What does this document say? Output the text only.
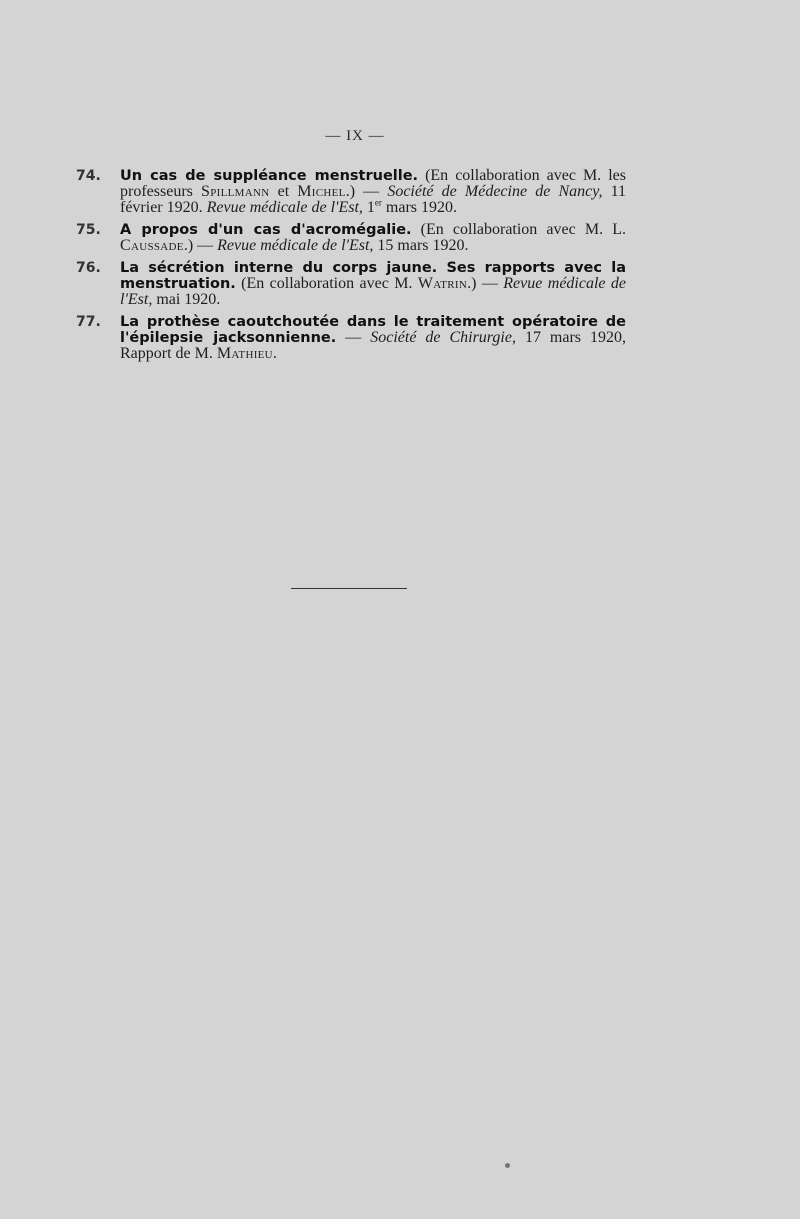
— IX —
74. Un cas de suppléance menstruelle. (En collaboration avec M. les professeurs Spillmann et Michel.) — Société de Médecine de Nancy, 11 février 1920. Revue médicale de l'Est, 1er mars 1920.
75. A propos d'un cas d'acromégalie. (En collaboration avec M. L. Caussade.) — Revue médicale de l'Est, 15 mars 1920.
76. La sécrétion interne du corps jaune. Ses rapports avec la menstruation. (En collaboration avec M. Watrin.) — Revue médicale de l'Est, mai 1920.
77. La prothèse caoutchoutée dans le traitement opératoire de l'épilepsie jacksonnienne. — Société de Chirurgie, 17 mars 1920, Rapport de M. Mathieu.
